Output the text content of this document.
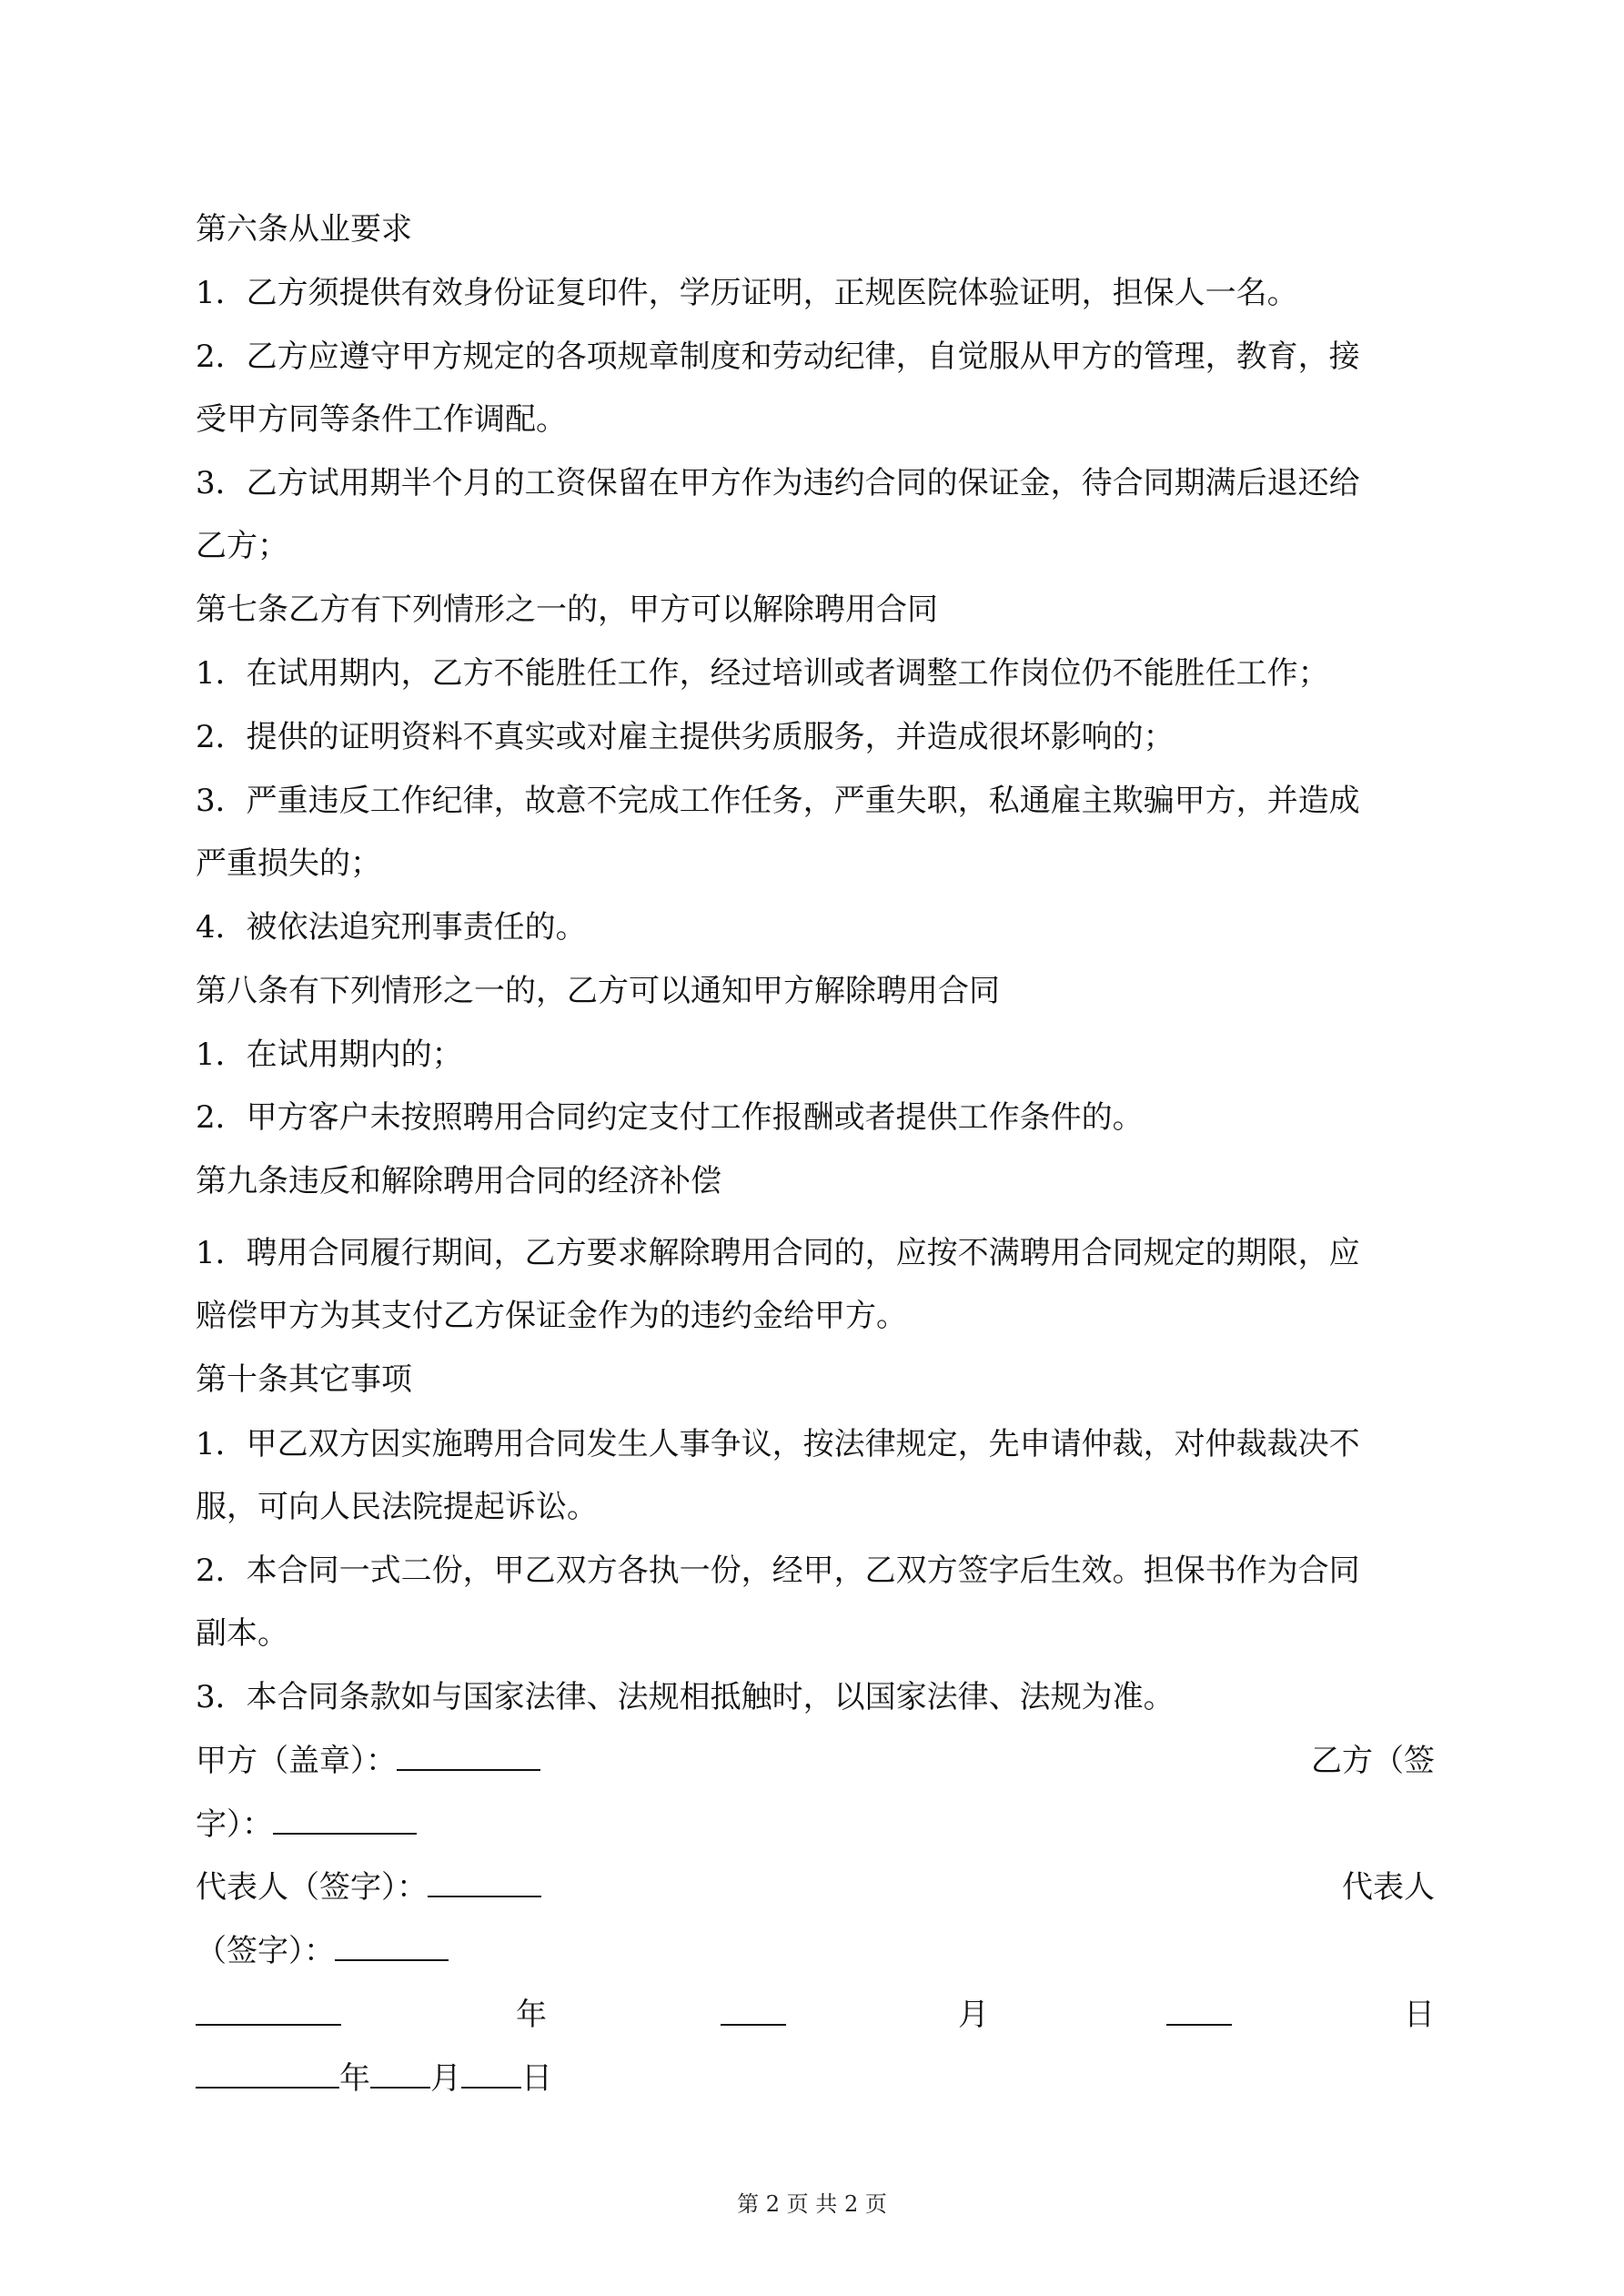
第六条从业要求
1．乙方须提供有效身份证复印件，学历证明，正规医院体验证明，担保人一名。
2．乙方应遵守甲方规定的各项规章制度和劳动纪律，自觉服从甲方的管理，教育，接
受甲方同等条件工作调配。
3．乙方试用期半个月的工资保留在甲方作为违约合同的保证金，待合同期满后退还给
乙方；
第七条乙方有下列情形之一的，甲方可以解除聘用合同
1．在试用期内，乙方不能胜任工作，经过培训或者调整工作岗位仍不能胜任工作；
2．提供的证明资料不真实或对雇主提供劣质服务，并造成很坏影响的；
3．严重违反工作纪律，故意不完成工作任务，严重失职，私通雇主欺骗甲方，并造成
严重损失的；
4．被依法追究刑事责任的。
第八条有下列情形之一的，乙方可以通知甲方解除聘用合同
1．在试用期内的；
2．甲方客户未按照聘用合同约定支付工作报酬或者提供工作条件的。
第九条违反和解除聘用合同的经济补偿
1．聘用合同履行期间，乙方要求解除聘用合同的，应按不满聘用合同规定的期限，应
赔偿甲方为其支付乙方保证金作为的违约金给甲方。
第十条其它事项
1．甲乙双方因实施聘用合同发生人事争议，按法律规定，先申请仲裁，对仲裁裁决不
服，可向人民法院提起诉讼。
2．本合同一式二份，甲乙双方各执一份，经甲，乙双方签字后生效。担保书作为合同
副本。
3．本合同条款如与国家法律、法规相抵触时，以国家法律、法规为准。
甲方（盖章）：	乙方（签
字）：
代表人（签字）：	代表人
（签字）：
年	月	日
年 月 日
第 2 页 共 2 页
